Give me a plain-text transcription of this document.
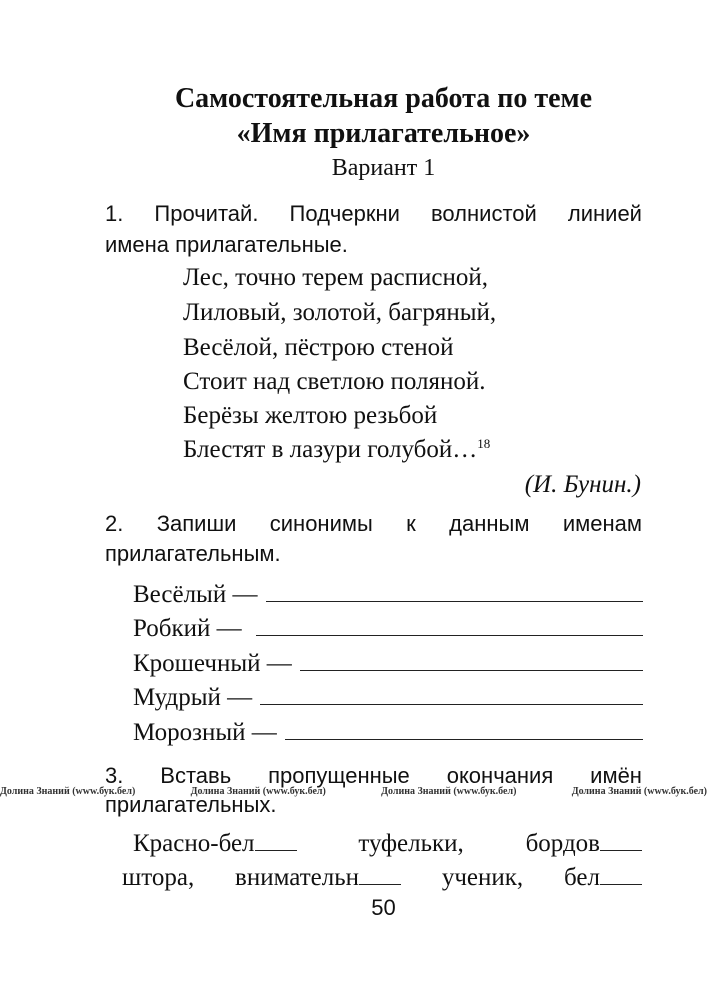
Самостоятельная работа по теме
«Имя прилагательное»
Вариант 1
1. Прочитай. Подчеркни волнистой линией
имена прилагательные.
Лес, точно терем расписной,
Лиловый, золотой, багряный,
Весёлой, пёстрою стеной
Стоит над светлою поляной.
Берёзы желтою резьбой
Блестят в лазури голубой…$^{18}$
(И. Бунин.)
2. Запиши синонимы к данным именам
прилагательным.
Весёлый —
Робкий —
Крошечный —
Мудрый —
Морозный —
3. Вставь пропущенные окончания имён
прилагательных.
Долина Знаний (www.бук.бел)	Долина Знаний (www.бук.бел)	Долина Знаний (www.бук.бел)	Долина Знаний (www.бук.бел)
Красно-бел	туфельки, бордов
штора, внимательн	ученик, бел
50
